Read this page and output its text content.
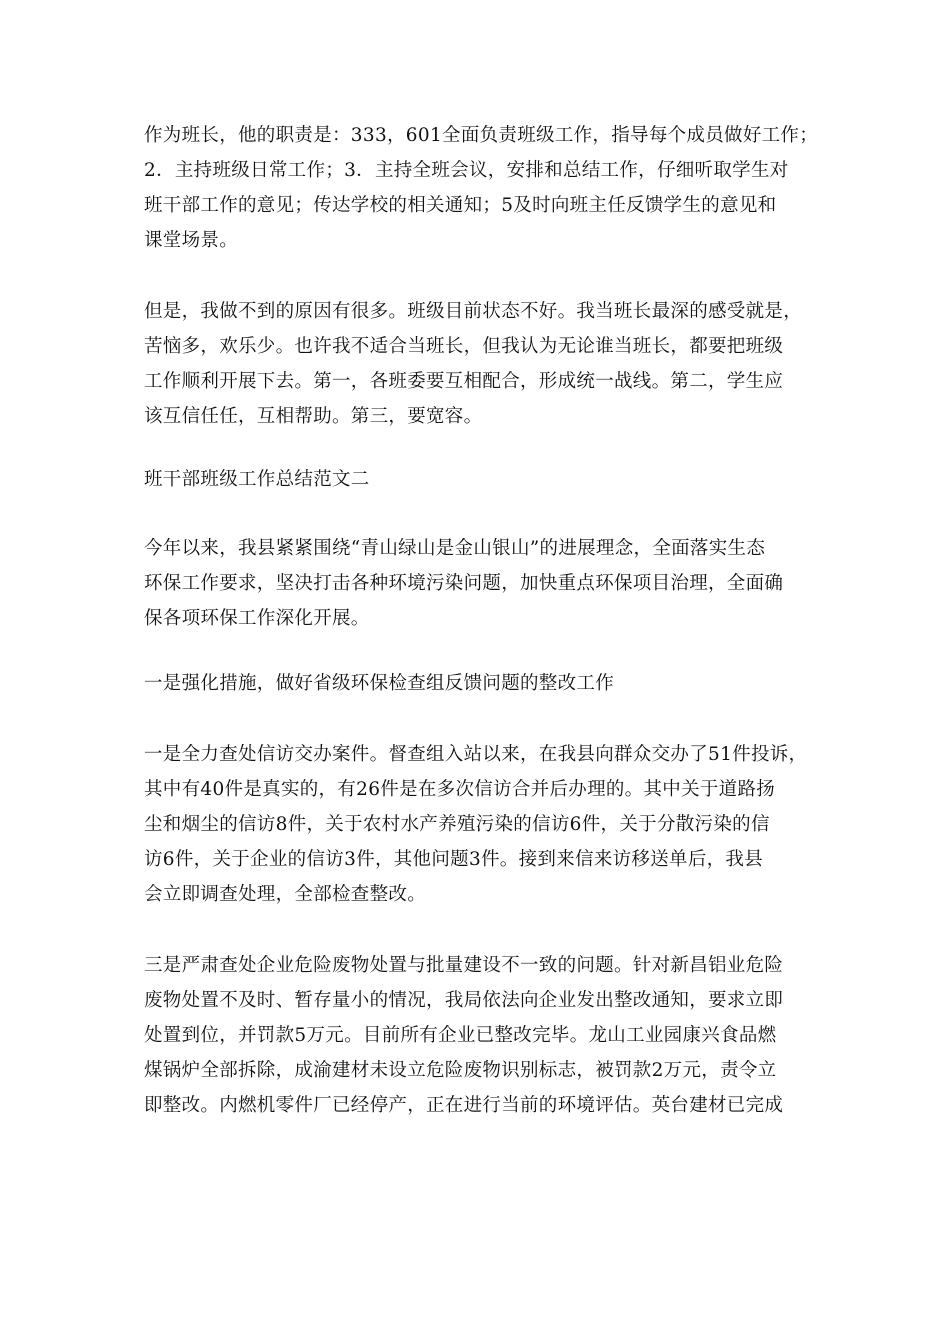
作为班长，他的职责是：333，601全面负责班级工作，指导每个成员做好工作；
2．主持班级日常工作；3．主持全班会议，安排和总结工作，仔细听取学生对
班干部工作的意见；传达学校的相关通知；5及时向班主任反馈学生的意见和
课堂场景。
但是，我做不到的原因有很多。班级目前状态不好。我当班长最深的感受就是，
苦恼多，欢乐少。也许我不适合当班长，但我认为无论谁当班长，都要把班级
工作顺利开展下去。第一，各班委要互相配合，形成统一战线。第二，学生应
该互信任任，互相帮助。第三，要宽容。
班干部班级工作总结范文二
今年以来，我县紧紧围绕“青山绿山是金山银山”的进展理念，全面落实生态
环保工作要求，坚决打击各种环境污染问题，加快重点环保项目治理，全面确
保各项环保工作深化开展。
一是强化措施，做好省级环保检查组反馈问题的整改工作
一是全力查处信访交办案件。督查组入站以来，在我县向群众交办了51件投诉，
其中有40件是真实的，有26件是在多次信访合并后办理的。其中关于道路扬
尘和烟尘的信访8件，关于农村水产养殖污染的信访6件，关于分散污染的信
访6件，关于企业的信访3件，其他问题3件。接到来信来访移送单后，我县
会立即调查处理，全部检查整改。
三是严肃查处企业危险废物处置与批量建设不一致的问题。针对新昌铝业危险
废物处置不及时、暂存量小的情况，我局依法向企业发出整改通知，要求立即
处置到位，并罚款5万元。目前所有企业已整改完毕。龙山工业园康兴食品燃
煤锅炉全部拆除，成渝建材未设立危险废物识别标志，被罚款2万元，责令立
即整改。内燃机零件厂已经停产，正在进行当前的环境评估。英台建材已完成
